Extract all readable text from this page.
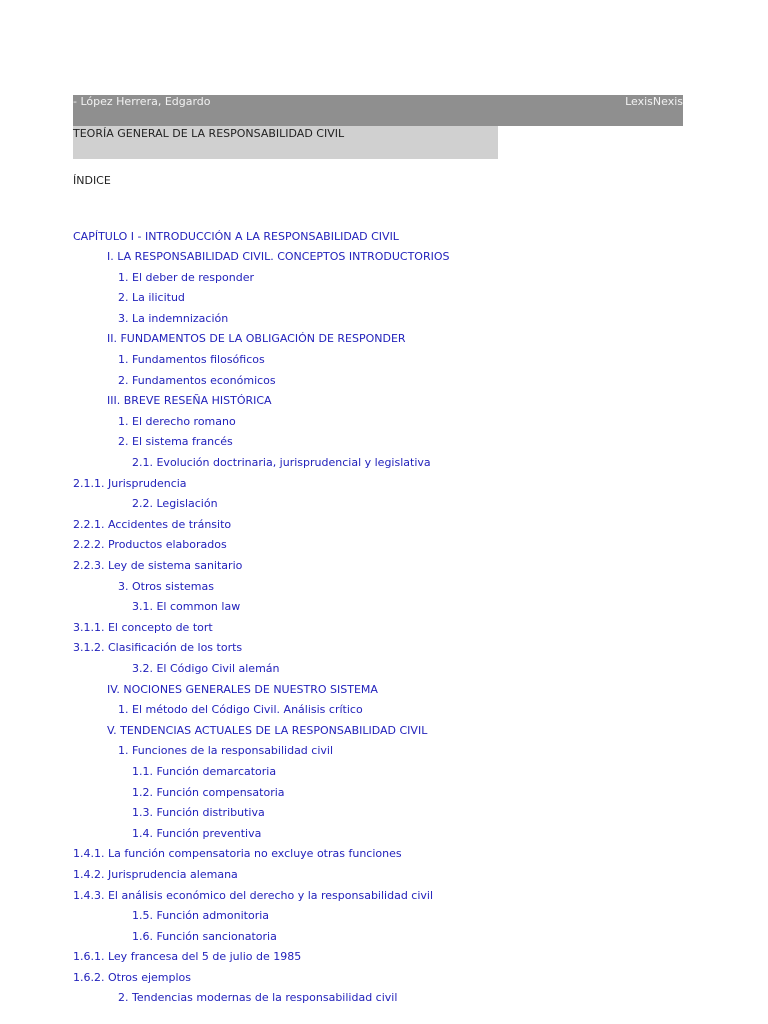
- López Herrera, Edgardo	LexisNexis
TEORÍA GENERAL DE LA RESPONSABILIDAD CIVIL
ÍNDICE
CAPÍTULO I - INTRODUCCIÓN A LA RESPONSABILIDAD CIVIL
I. LA RESPONSABILIDAD CIVIL. CONCEPTOS INTRODUCTORIOS
1. El deber de responder
2. La ilicitud
3. La indemnización
II. FUNDAMENTOS DE LA OBLIGACIÓN DE RESPONDER
1. Fundamentos filosóficos
2. Fundamentos económicos
III. BREVE RESEÑA HISTÓRICA
1. El derecho romano
2. El sistema francés
2.1. Evolución doctrinaria, jurisprudencial y legislativa
2.1.1. Jurisprudencia
2.2. Legislación
2.2.1. Accidentes de tránsito
2.2.2. Productos elaborados
2.2.3. Ley de sistema sanitario
3. Otros sistemas
3.1. El common law
3.1.1. El concepto de tort
3.1.2. Clasificación de los torts
3.2. El Código Civil alemán
IV. NOCIONES GENERALES DE NUESTRO SISTEMA
1. El método del Código Civil. Análisis crítico
V. TENDENCIAS ACTUALES DE LA RESPONSABILIDAD CIVIL
1. Funciones de la responsabilidad civil
1.1. Función demarcatoria
1.2. Función compensatoria
1.3. Función distributiva
1.4. Función preventiva
1.4.1. La función compensatoria no excluye otras funciones
1.4.2. Jurisprudencia alemana
1.4.3. El análisis económico del derecho y la responsabilidad civil
1.5. Función admonitoria
1.6. Función sancionatoria
1.6.1. Ley francesa del 5 de julio de 1985
1.6.2. Otros ejemplos
2. Tendencias modernas de la responsabilidad civil
